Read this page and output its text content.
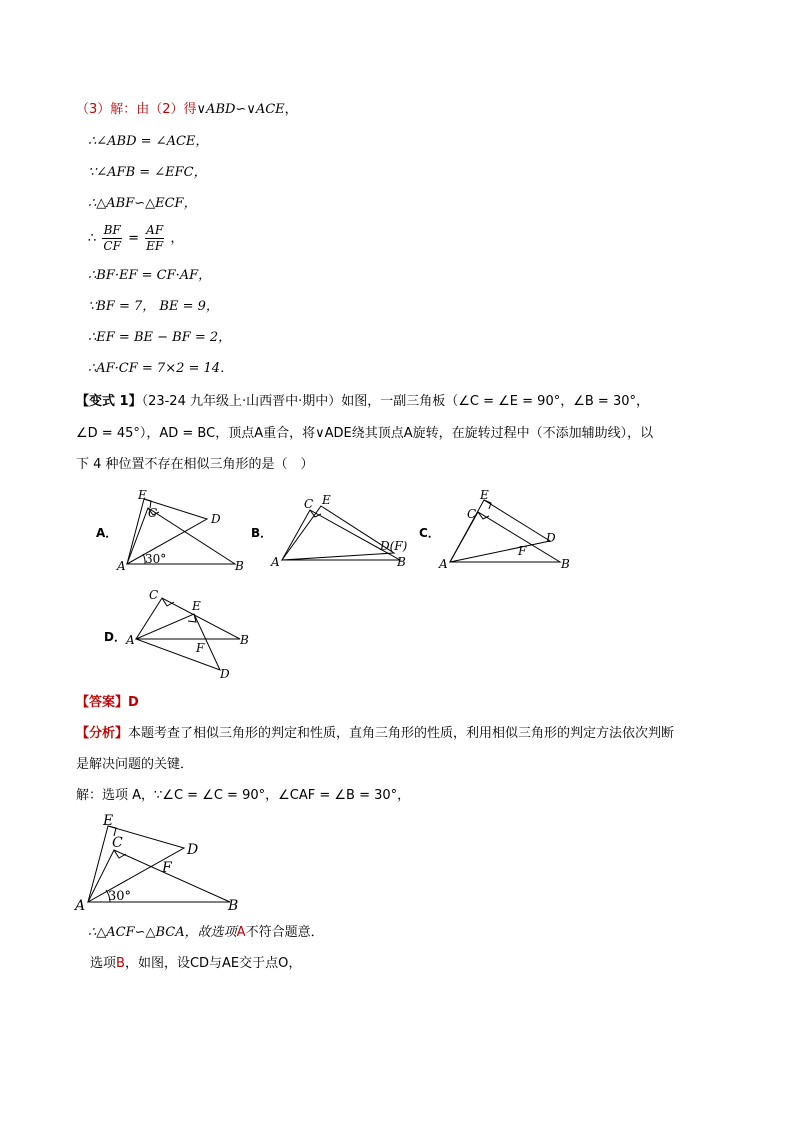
（3）解：由（2）得∨ABD∽∨ACE，
∴∠ABD = ∠ACE，
∵∠AFB = ∠EFC，
∴△ABF∽△ECF，
∴ $\frac{BF}{CF} = \frac{AF}{EF}$ ，
∴BF·EF = CF·AF，
∵BF = 7， BE = 9，
∴EF = BE − BF = 2，
∴AF·CF = 7×2 = 14．
【变式 1】（23-24 九年级上·山西晋中·期中）如图，一副三角板（∠C = ∠E = 90°，∠B = 30°，
∠D = 45°），AD = BC，顶点A重合，将∨ADE绕其顶点A旋转，在旋转过程中（不添加辅助线），以
下 4 种位置不存在相似三角形的是（　）
A．	B．	C．
D．
E
C	D
A	B
30°
C E
D(F)
A	B
E
C
D
F
A	B
C
E
B
A
F
D
【答案】D
【分析】本题考查了相似三角形的判定和性质，直角三角形的性质，利用相似三角形的判定方法依次判断
是解决问题的关键．
解：选项 A，∵∠C = ∠C = 90°，∠CAF = ∠B = 30°，
E
C	D
F
A	B
30°
∴△ACF∽△BCA，故选项A不符合题意．
选项B，如图，设CD与AE交于点O，
